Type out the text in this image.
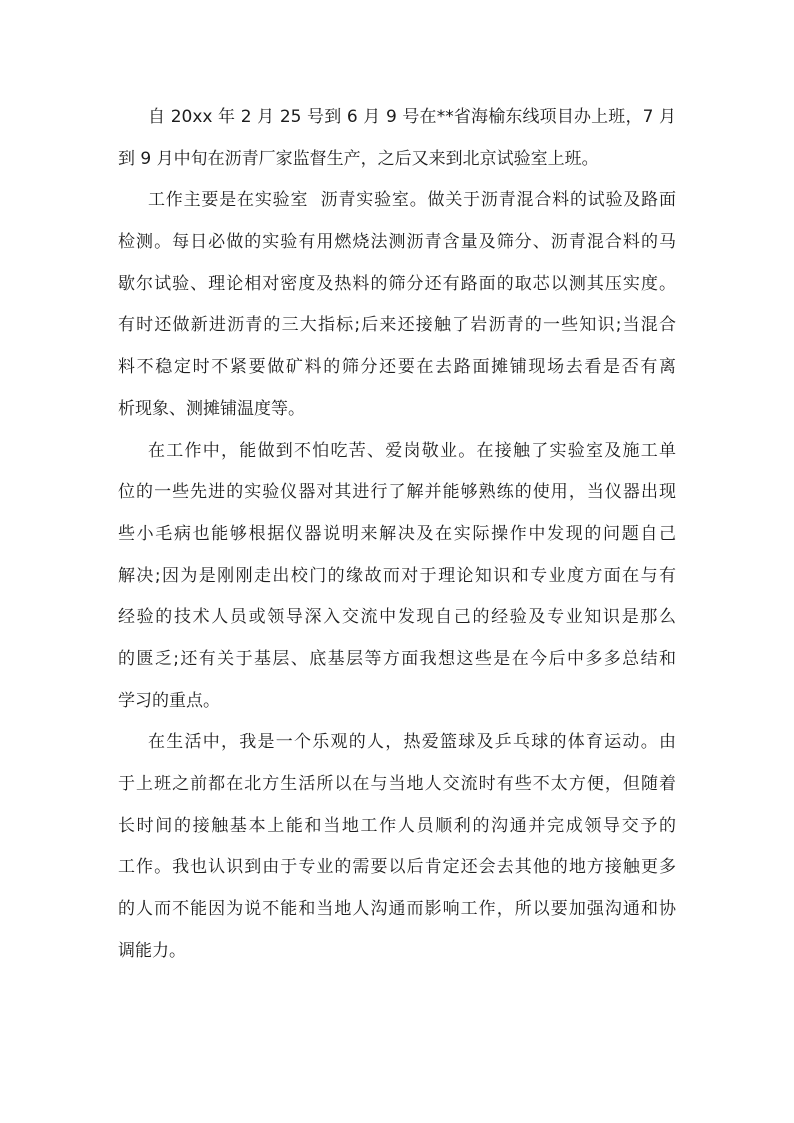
自 20xx 年 2 月 25 号到 6 月 9 号在**省海榆东线项目办上班，7 月
到 9 月中旬在沥青厂家监督生产，之后又来到北京试验室上班。
工作主要是在实验室  沥青实验室。做关于沥青混合料的试验及路面
检测。每日必做的实验有用燃烧法测沥青含量及筛分、沥青混合料的马
歇尔试验、理论相对密度及热料的筛分还有路面的取芯以测其压实度。
有时还做新进沥青的三大指标;后来还接触了岩沥青的一些知识;当混合
料不稳定时不紧要做矿料的筛分还要在去路面摊铺现场去看是否有离
析现象、测摊铺温度等。
在工作中，能做到不怕吃苦、爱岗敬业。在接触了实验室及施工单
位的一些先进的实验仪器对其进行了解并能够熟练的使用，当仪器出现
些小毛病也能够根据仪器说明来解决及在实际操作中发现的问题自己
解决;因为是刚刚走出校门的缘故而对于理论知识和专业度方面在与有
经验的技术人员或领导深入交流中发现自己的经验及专业知识是那么
的匮乏;还有关于基层、底基层等方面我想这些是在今后中多多总结和
学习的重点。
在生活中，我是一个乐观的人，热爱篮球及乒乓球的体育运动。由
于上班之前都在北方生活所以在与当地人交流时有些不太方便，但随着
长时间的接触基本上能和当地工作人员顺利的沟通并完成领导交予的
工作。我也认识到由于专业的需要以后肯定还会去其他的地方接触更多
的人而不能因为说不能和当地人沟通而影响工作，所以要加强沟通和协
调能力。
